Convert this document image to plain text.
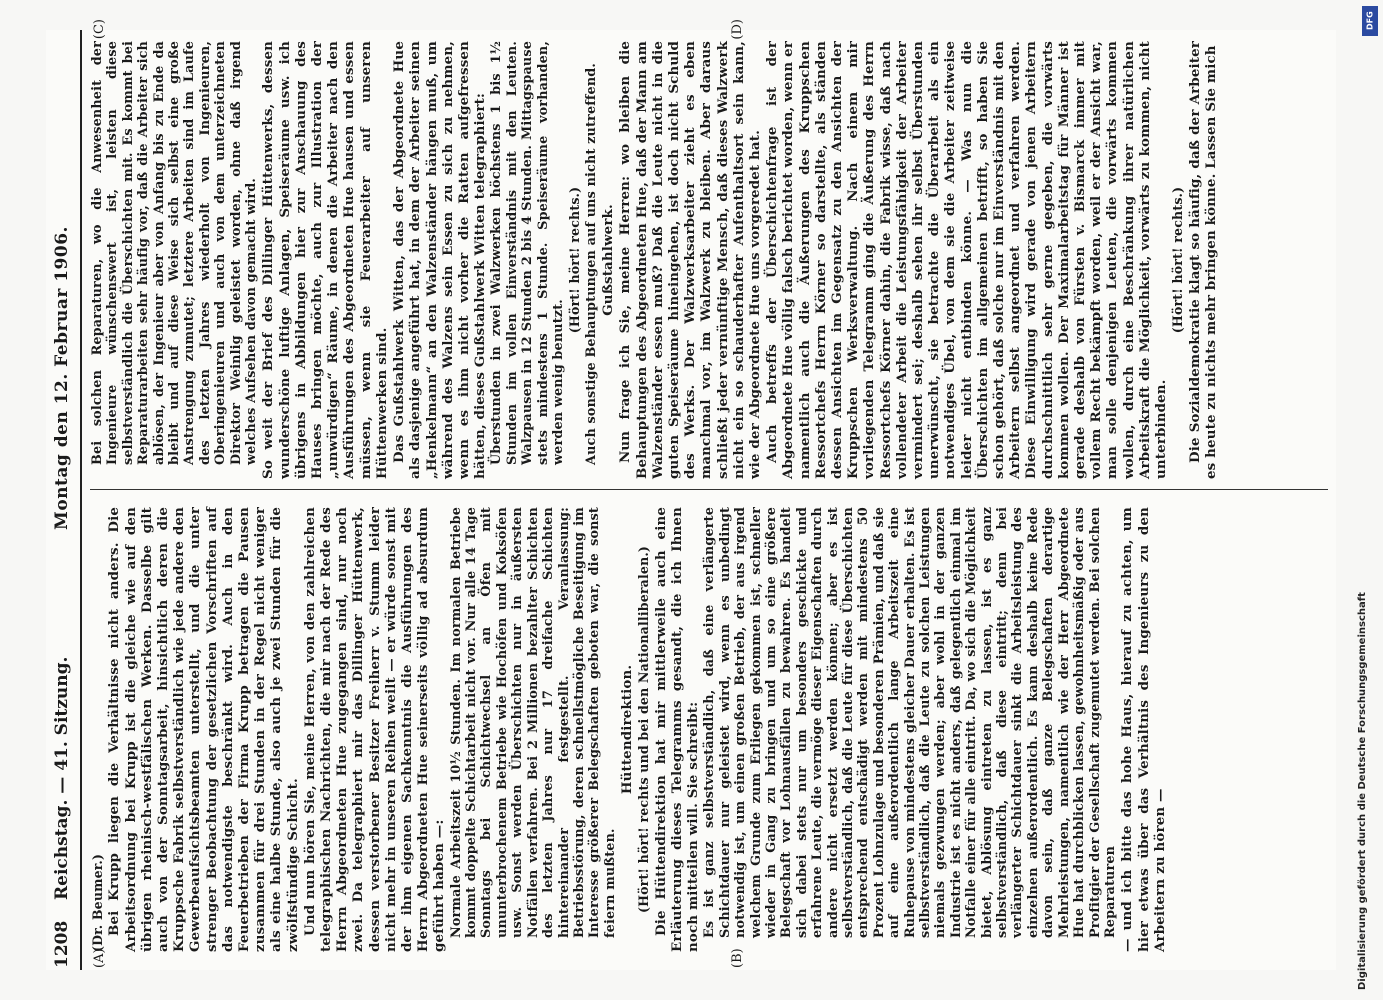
1208
Reichstag. — 41. Sitzung.
Montag den 12. Februar 1906.
(A)	(B)

(Dr. Beumer.) Bei Krupp liegen die Verhältnisse nicht anders. Die Arbeitsordnung bei Krupp ist die gleiche wie auf den übrigen rheinisch-westfälischen Werken. Dasselbe gilt auch von der Sonntagsarbeit, hinsichtlich deren die Kruppsche Fabrik selbstverständlich wie jede andere den Gewerbeaufsichtsbeamten unterstellt, und die unter strenger Beobachtung der gesetzlichen Vorschriften auf das notwendigste beschränkt wird. Auch in den Feuerbetrieben der Firma Krupp betragen die Pausen zusammen für drei Stunden in der Regel nicht weniger als eine halbe Stunde, also auch je zwei Stunden für die zwölfstündige Schicht. Und nun hören Sie, meine Herren, von den zahlreichen telegraphischen Nachrichten, die mir nach der Rede des Herrn Abgeordneten Hue zugegangen sind, nur noch zwei. Da telegraphiert mir das Dillinger Hüttenwerk, dessen verstorbener Besitzer Freiherr v. Stumm leider nicht mehr in unseren Reihen weilt — er würde sonst mit der ihm eigenen Sachkenntnis die Ausführungen des Herrn Abgeordneten Hue seinerseits völlig ad absurdum geführt haben —: Normale Arbeitszeit 10½ Stunden. Im normalen Betriebe kommt doppelte Schichtarbeit nicht vor. Nur alle 14 Tage Sonntags bei Schichtwechsel an Öfen mit ununterbrochenem Betriebe wie Hochöfen und Koksöfen usw. Sonst werden Überschichten nur in äußersten Notfällen verfahren. Bei 2 Millionen bezahlter Schichten des letzten Jahres nur 17 dreifache Schichten hintereinander festgestellt. Veranlassung: Betriebsstörung, deren schnellstmögliche Beseitigung im Interesse größerer Belegschaften geboten war, die sonst feiern mußten.

Hüttendirektion. (Hört! hört! rechts und bei den Nationalliberalen.) Die Hüttendirektion hat mir mittlerweile auch eine Erläuterung dieses Telegramms gesandt, die ich Ihnen noch mitteilen will. Sie schreibt: Es ist ganz selbstverständlich, daß eine verlängerte Schichtdauer nur geleistet wird, wenn es unbedingt notwendig ist, um einen großen Betrieb, der aus irgend welchem Grunde zum Erliegen gekommen ist, schneller wieder in Gang zu bringen und um so eine größere Belegschaft vor Lohnausfällen zu bewahren. Es handelt sich dabei stets nur um besonders geschickte und erfahrene Leute, die vermöge dieser Eigenschaften durch andere nicht ersetzt werden können; aber es ist selbstverständlich, daß die Leute für diese Überschichten entsprechend entschädigt werden mit mindestens 50 Prozent Lohnzulage und besonderen Prämien, und daß sie auf eine außerordentlich lange Arbeitszeit eine Ruhepause von mindestens gleicher Dauer erhalten. Es ist selbstverständlich, daß die Leute zu solchen Leistungen niemals gezwungen werden; aber wohl in der ganzen Industrie ist es nicht anders, daß gelegentlich einmal im Notfalle einer für alle eintritt. Da, wo sich die Möglichkeit bietet, Ablösung eintreten zu lassen, ist es ganz selbstverständlich, daß diese eintritt; denn bei verlängerter Schichtdauer sinkt die Arbeitsleistung des einzelnen außerordentlich. Es kann deshalb keine Rede davon sein, daß ganze Belegschaften derartige Mehrleistungen, namentlich wie der Herr Abgeordnete Hue hat durchblicken lassen, gewohnheitsmäßig oder aus Profitgier der Gesellschaft zugemutet werden. Bei solchen Reparaturen — und ich bitte das hohe Haus, hierauf zu achten, um hier etwas über das Verhältnis des Ingenieurs zu den Arbeitern zu hören —

(C)	(D)

Bei solchen Reparaturen, wo die Anwesenheit der Ingenieure wünschenswert ist, leisten diese selbstverständlich die Überschichten mit. Es kommt bei Reparaturarbeiten sehr häufig vor, daß die Arbeiter sich ablösen, der Ingenieur aber von Anfang bis zu Ende da bleibt und auf diese Weise sich selbst eine große Anstrengung zumutet; letztere Arbeiten sind im Laufe des letzten Jahres wiederholt von Ingenieuren, Oberingenieuren und auch von dem unterzeichneten Direktor Weinlig geleistet worden, ohne daß irgend welches Aufsehen davon gemacht wird. So weit der Brief des Dillinger Hüttenwerks, dessen wunderschöne luftige Anlagen, Speiseräume usw. ich übrigens in Abbildungen hier zur Anschauung des Hauses bringen möchte, auch zur Illustration der „unwürdigen“ Räume, in denen die Arbeiter nach den Ausführungen des Abgeordneten Hue hausen und essen müssen, wenn sie Feuerarbeiter auf unseren Hüttenwerken sind. Das Gußstahlwerk Witten, das der Abgeordnete Hue als dasjenige angeführt hat, in dem der Arbeiter seinen „Henkelmann“ an den Walzenständer hängen muß, um während des Walzens sein Essen zu sich zu nehmen, wenn es ihm nicht vorher die Ratten aufgefressen hätten, dieses Gußstahlwerk Witten telegraphiert: Überstunden in zwei Walzwerken höchstens 1 bis 1½ Stunden im vollen Einverständnis mit den Leuten. Walzpausen in 12 Stunden 2 bis 4 Stunden. Mittagspause stets mindestens 1 Stunde. Speiseräume vorhanden, werden wenig benutzt.

(Hört! hört! rechts.) Auch sonstige Behauptungen auf uns nicht zutreffend. Gußstahlwerk. Nun frage ich Sie, meine Herren: wo bleiben die Behauptungen des Abgeordneten Hue, daß der Mann am Walzenständer essen muß? Daß die Leute nicht in die guten Speiseräume hineingehen, ist doch nicht Schuld des Werks. Der Walzwerksarbeiter zieht es eben manchmal vor, im Walzwerk zu bleiben. Aber daraus schließt jeder vernünftige Mensch, daß dieses Walzwerk nicht ein so schauderhafter Aufenthaltsort sein kann, wie der Abgeordnete Hue uns vorgeredet hat. Auch betreffs der Überschichtenfrage ist der Abgeordnete Hue völlig falsch berichtet worden, wenn er namentlich auch die Äußerungen des Kruppschen Ressortchefs Herrn Körner so darstellte, als ständen dessen Ansichten im Gegensatz zu den Ansichten der Kruppschen Werksverwaltung. Nach einem mir vorliegenden Telegramm ging die Äußerung des Herrn Ressortchefs Körner dahin, die Fabrik wisse, daß nach vollendeter Arbeit die Leistungsfähigkeit der Arbeiter vermindert sei; deshalb sehen ihr selbst Überstunden unerwünscht, sie betrachte die Überarbeit als ein notwendiges Übel, von dem sie die Arbeiter zeitweise leider nicht entbinden könne. — Was nun die Überschichten im allgemeinen betrifft, so haben Sie schon gehört, daß solche nur im Einverständnis mit den Arbeitern selbst angeordnet und verfahren werden. Diese Einwilligung wird gerade von jenen Arbeitern durchschnittlich sehr gerne gegeben, die vorwärts kommen wollen. Der Maximalarbeitstag für Männer ist gerade deshalb von Fürsten v. Bismarck immer mit vollem Recht bekämpft worden, weil er der Ansicht war, man solle denjenigen Leuten, die vorwärts kommen wollen, durch eine Beschränkung ihrer natürlichen Arbeitskraft die Möglichkeit, vorwärts zu kommen, nicht unterbinden.

(Hört! hört! rechts.) Die Sozialdemokratie klagt so häufig, daß der Arbeiter es heute zu nichts mehr bringen könne. Lassen Sie mich

DFG
Digitalisierung gefördert durch die Deutsche Forschungsgemeinschaft
